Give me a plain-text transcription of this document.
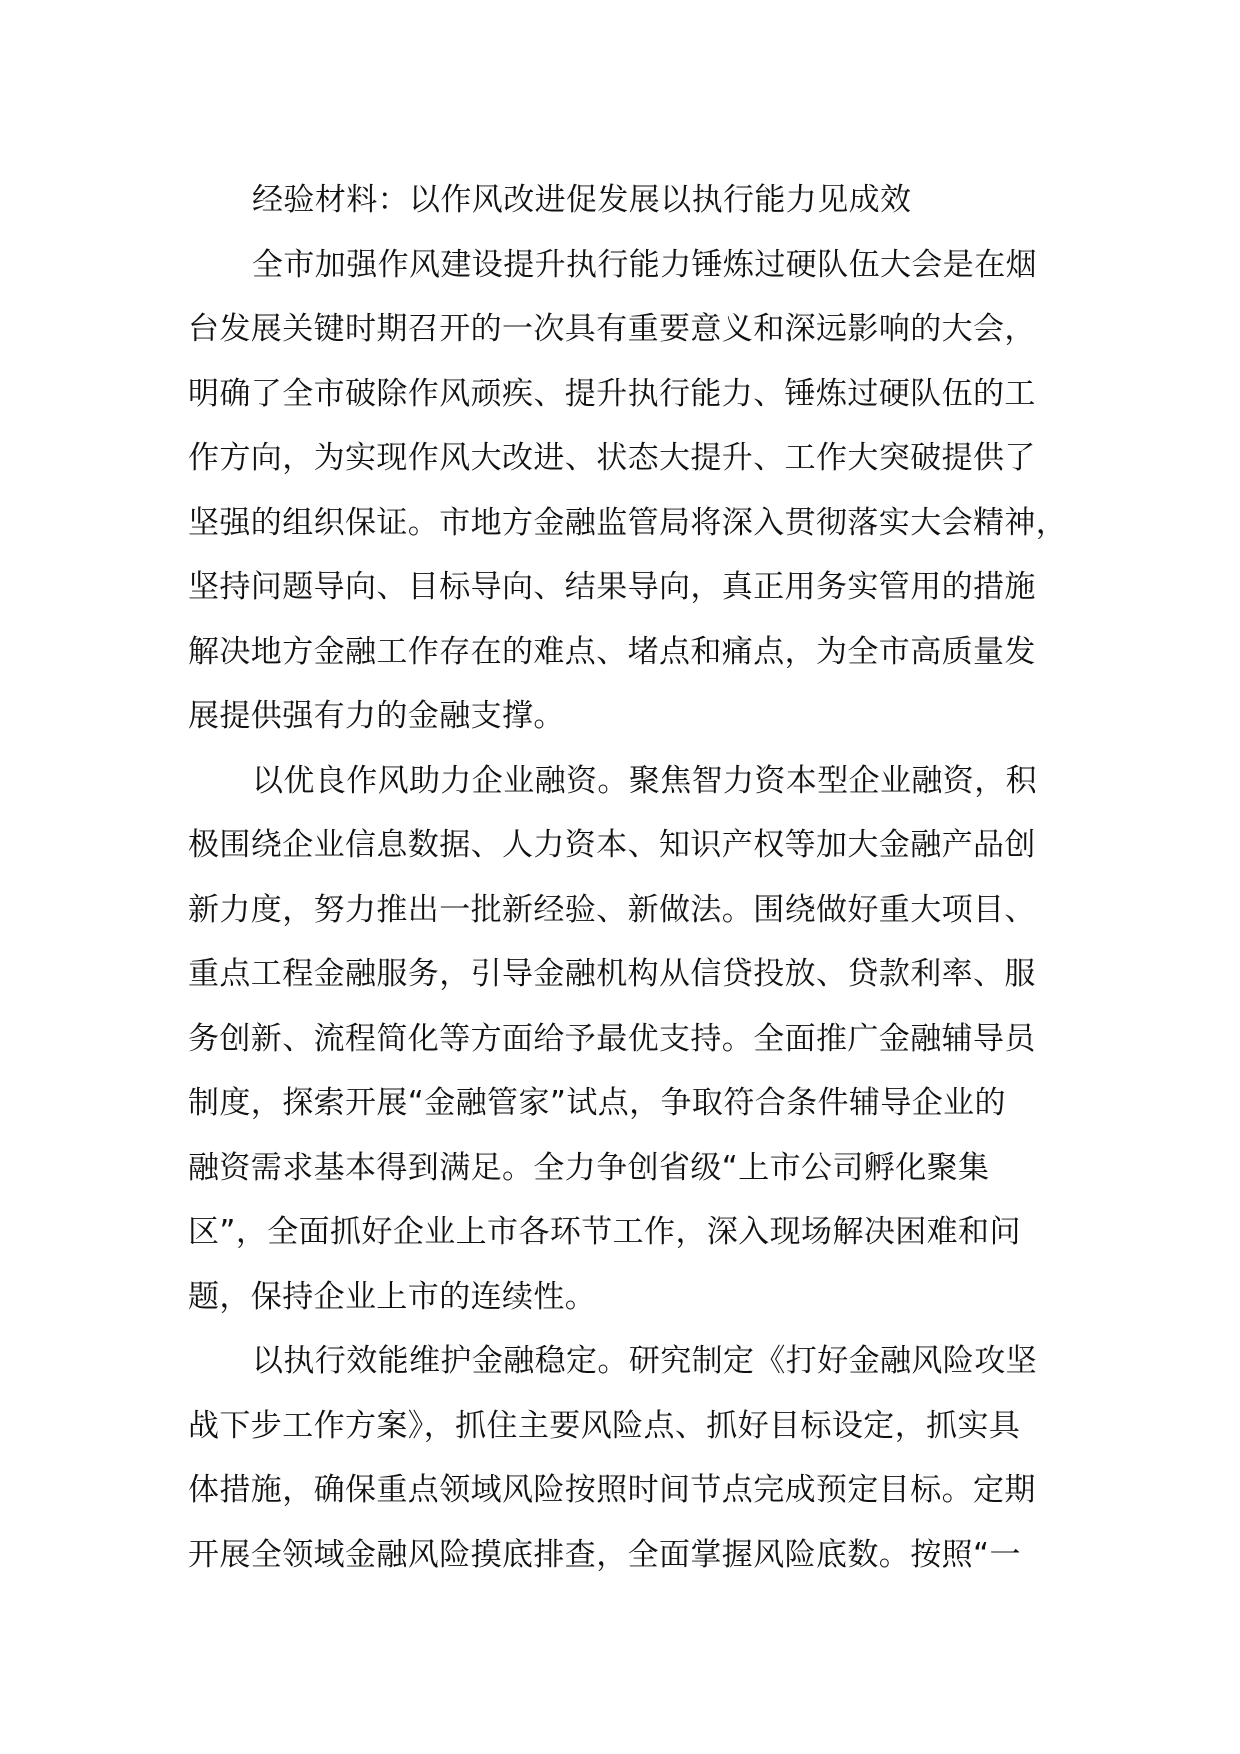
经验材料：以作风改进促发展以执行能力见成效
全市加强作风建设提升执行能力锤炼过硬队伍大会是在烟
台发展关键时期召开的一次具有重要意义和深远影响的大会，
明确了全市破除作风顽疾、提升执行能力、锤炼过硬队伍的工
作方向，为实现作风大改进、状态大提升、工作大突破提供了
坚强的组织保证。市地方金融监管局将深入贯彻落实大会精神，
坚持问题导向、目标导向、结果导向，真正用务实管用的措施
解决地方金融工作存在的难点、堵点和痛点，为全市高质量发
展提供强有力的金融支撑。
以优良作风助力企业融资。聚焦智力资本型企业融资，积
极围绕企业信息数据、人力资本、知识产权等加大金融产品创
新力度，努力推出一批新经验、新做法。围绕做好重大项目、
重点工程金融服务，引导金融机构从信贷投放、贷款利率、服
务创新、流程简化等方面给予最优支持。全面推广金融辅导员
制度，探索开展“金融管家”试点，争取符合条件辅导企业的
融资需求基本得到满足。全力争创省级“上市公司孵化聚集
区”，全面抓好企业上市各环节工作，深入现场解决困难和问
题，保持企业上市的连续性。
以执行效能维护金融稳定。研究制定《打好金融风险攻坚
战下步工作方案》，抓住主要风险点、抓好目标设定，抓实具
体措施，确保重点领域风险按照时间节点完成预定目标。定期
开展全领域金融风险摸底排查，全面掌握风险底数。按照“一
